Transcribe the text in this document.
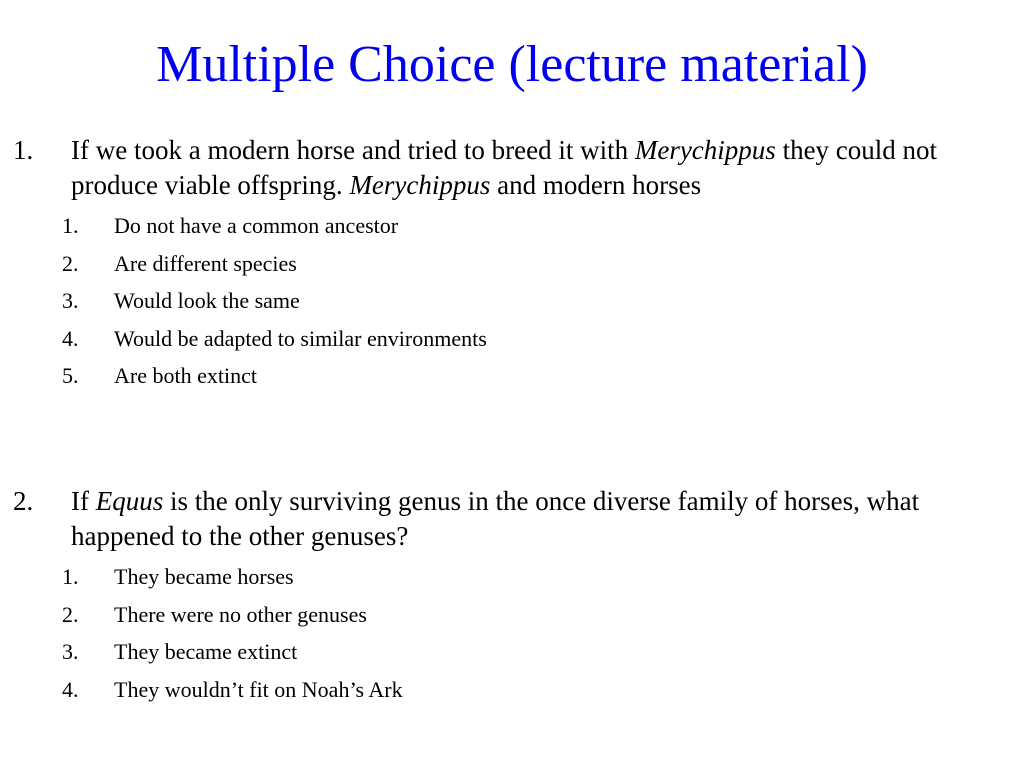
Multiple Choice (lecture material)
1. If we took a modern horse and tried to breed it with Merychippus they could not produce viable offspring. Merychippus and modern horses
1. Do not have a common ancestor
2. Are different species
3. Would look the same
4. Would be adapted to similar environments
5. Are both extinct
2. If Equus is the only surviving genus in the once diverse family of horses, what happened to the other genuses?
1. They became horses
2. There were no other genuses
3. They became extinct
4. They wouldn’t fit on Noah’s Ark
